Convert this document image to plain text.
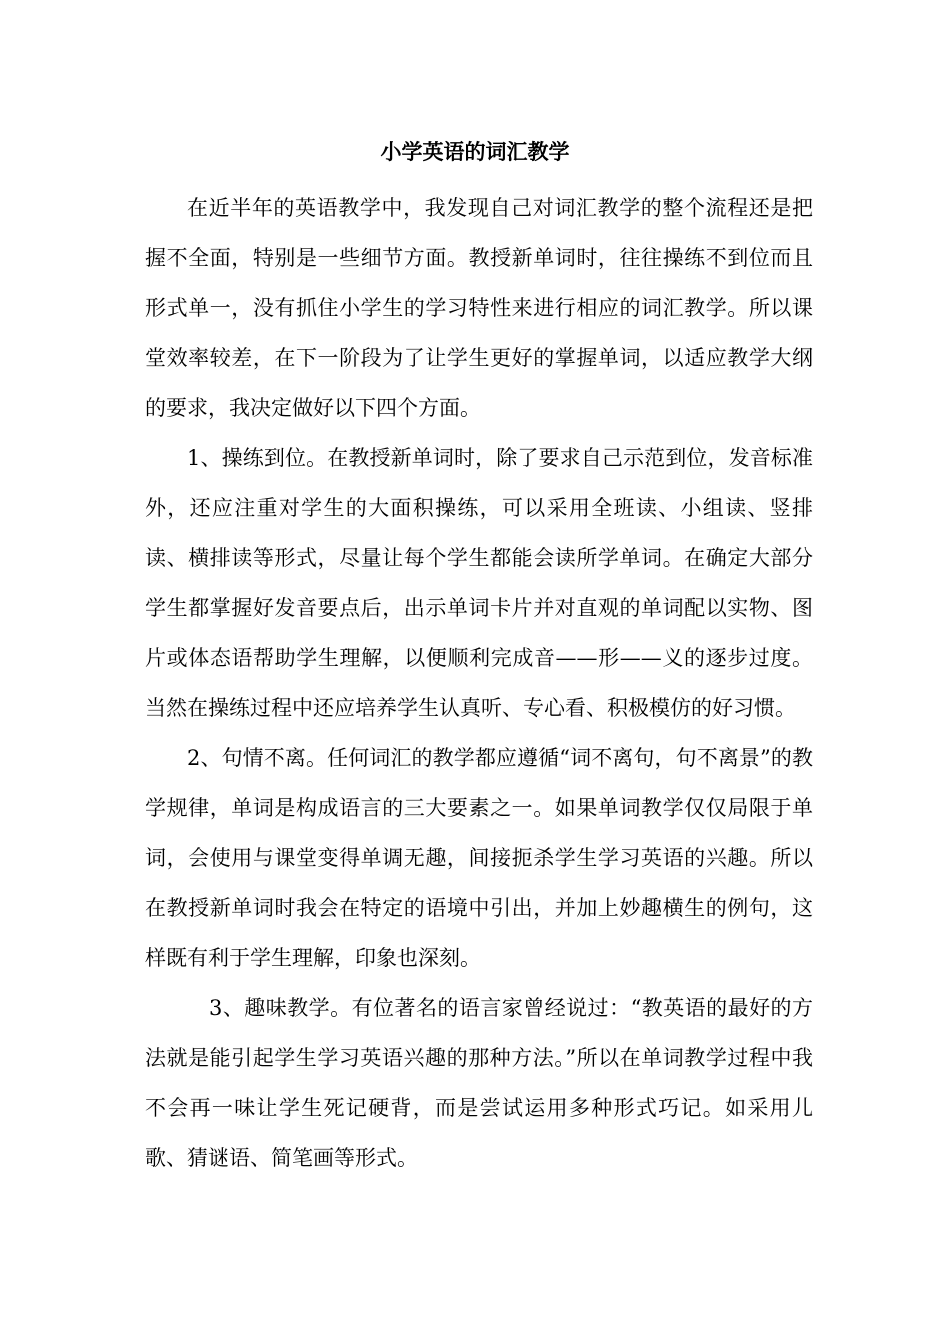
小学英语的词汇教学

在近半年的英语教学中，我发现自己对词汇教学的整个流程还是把握不全面，特别是一些细节方面。教授新单词时，往往操练不到位而且形式单一，没有抓住小学生的学习特性来进行相应的词汇教学。所以课堂效率较差，在下一阶段为了让学生更好的掌握单词，以适应教学大纲的要求，我决定做好以下四个方面。

1、操练到位。在教授新单词时，除了要求自己示范到位，发音标准外，还应注重对学生的大面积操练，可以采用全班读、小组读、竖排读、横排读等形式，尽量让每个学生都能会读所学单词。在确定大部分学生都掌握好发音要点后，出示单词卡片并对直观的单词配以实物、图片或体态语帮助学生理解，以便顺利完成音——形——义的逐步过度。当然在操练过程中还应培养学生认真听、专心看、积极模仿的好习惯。

2、句情不离。任何词汇的教学都应遵循“词不离句，句不离景”的教学规律，单词是构成语言的三大要素之一。如果单词教学仅仅局限于单词，会使用与课堂变得单调无趣，间接扼杀学生学习英语的兴趣。所以在教授新单词时我会在特定的语境中引出，并加上妙趣横生的例句，这样既有利于学生理解，印象也深刻。

3、趣味教学。有位著名的语言家曾经说过：“教英语的最好的方法就是能引起学生学习英语兴趣的那种方法。”所以在单词教学过程中我不会再一味让学生死记硬背，而是尝试运用多种形式巧记。如采用儿歌、猜谜语、简笔画等形式。
